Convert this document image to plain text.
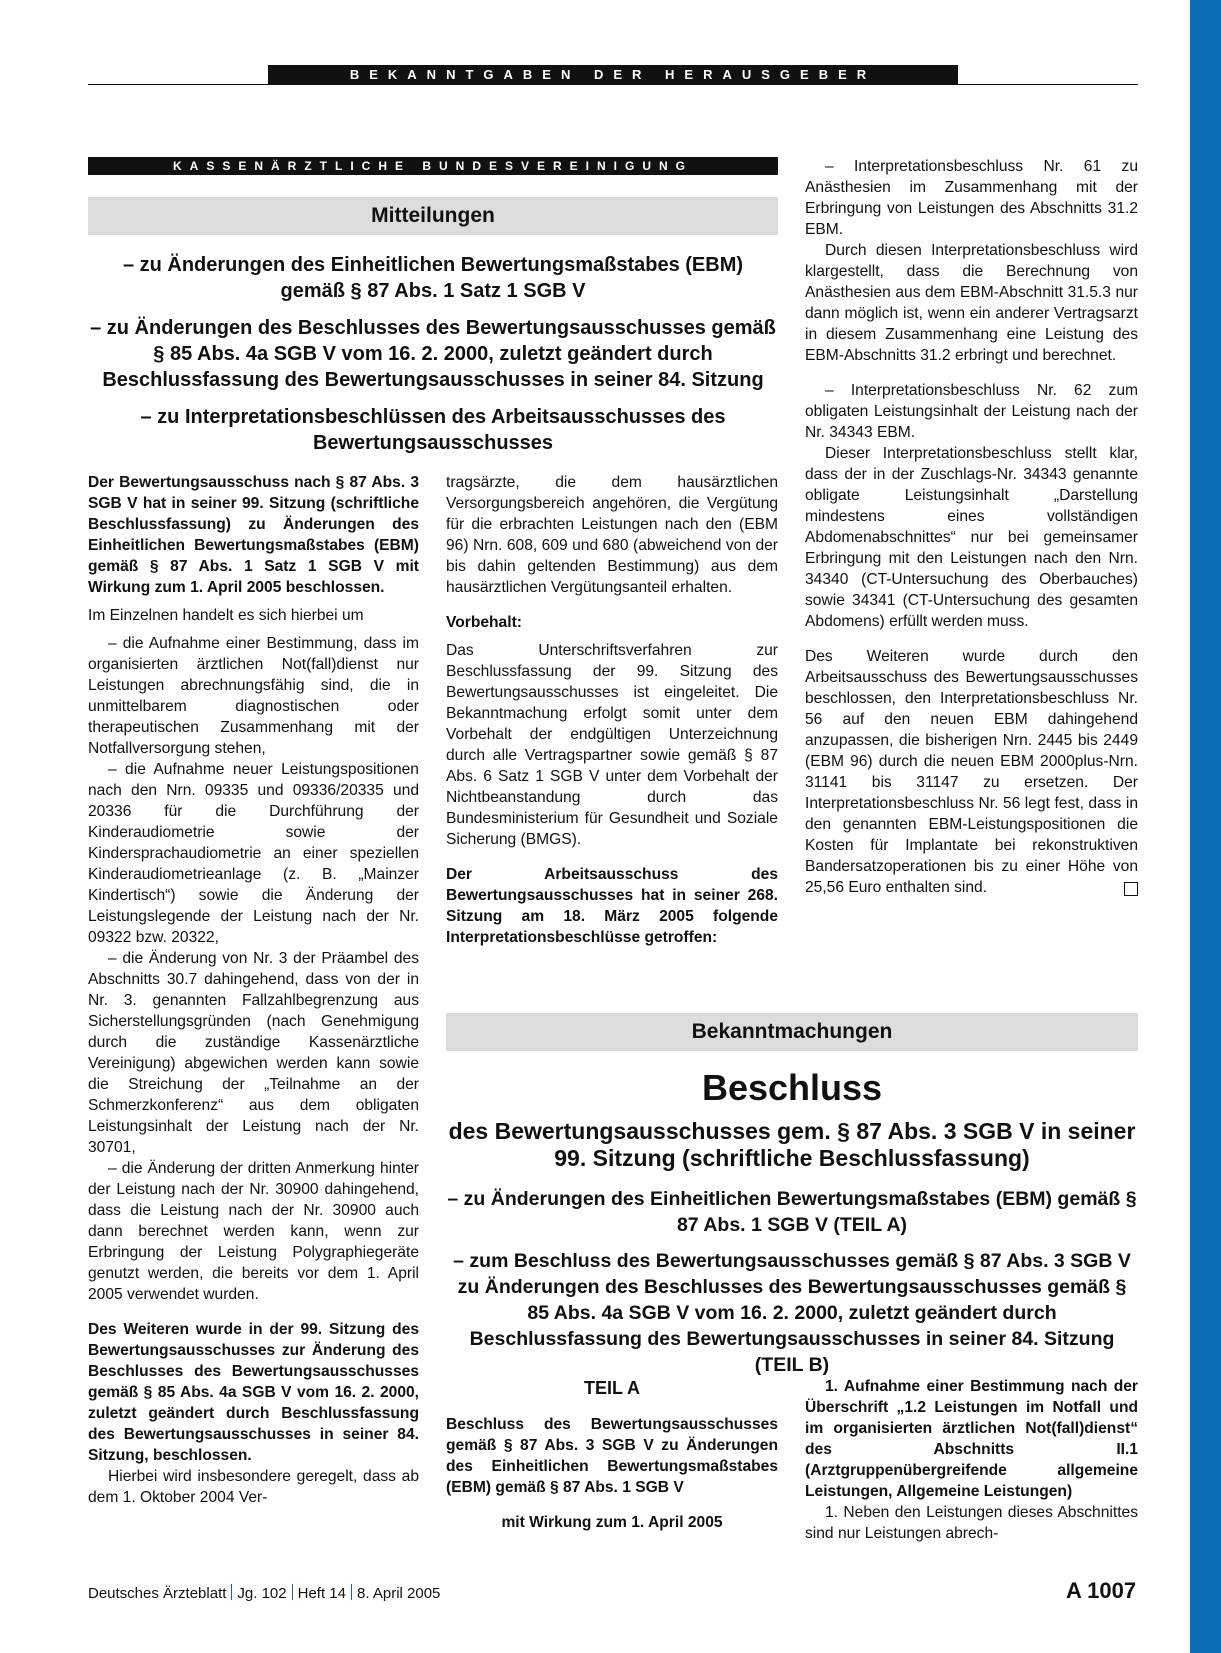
BEKANNTGABEN DER HERAUSGEBER
KASSENÄRZTLICHE BUNDESVEREINIGUNG
Mitteilungen
– zu Änderungen des Einheitlichen Bewertungsmaßstabes (EBM) gemäß § 87 Abs. 1 Satz 1 SGB V
– zu Änderungen des Beschlusses des Bewertungsausschusses gemäß § 85 Abs. 4a SGB V vom 16. 2. 2000, zuletzt geändert durch Beschlussfassung des Bewertungsausschusses in seiner 84. Sitzung
– zu Interpretationsbeschlüssen des Arbeitsausschusses des Bewertungsausschusses

Der Bewertungsausschuss nach § 87 Abs. 3 SGB V hat in seiner 99. Sitzung (schriftliche Beschlussfassung) zu Änderungen des Einheitlichen Bewertungsmaßstabes (EBM) gemäß § 87 Abs. 1 Satz 1 SGB V mit Wirkung zum 1. April 2005 beschlossen.

Im Einzelnen handelt es sich hierbei um

– die Aufnahme einer Bestimmung, dass im organisierten ärztlichen Not(fall)dienst nur Leistungen abrechnungsfähig sind, die in unmittelbarem diagnostischen oder therapeutischen Zusammenhang mit der Notfallversorgung stehen,

– die Aufnahme neuer Leistungspositionen nach den Nrn. 09335 und 09336/20335 und 20336 für die Durchführung der Kinderaudiometrie sowie der Kindersprachaudiometrie an einer speziellen Kinderaudiometrieanlage (z. B. „Mainzer Kindertisch“) sowie die Änderung der Leistungslegende der Leistung nach der Nr. 09322 bzw. 20322,

– die Änderung von Nr. 3 der Präambel des Abschnitts 30.7 dahingehend, dass von der in Nr. 3. genannten Fallzahlbegrenzung aus Sicherstellungsgründen (nach Genehmigung durch die zuständige Kassenärztliche Vereinigung) abgewichen werden kann sowie die Streichung der „Teilnahme an der Schmerzkonferenz“ aus dem obligaten Leistungsinhalt der Leistung nach der Nr. 30701,

– die Änderung der dritten Anmerkung hinter der Leistung nach der Nr. 30900 dahingehend, dass die Leistung nach der Nr. 30900 auch dann berechnet werden kann, wenn zur Erbringung der Leistung Polygraphiegeräte genutzt werden, die bereits vor dem 1. April 2005 verwendet wurden.

Des Weiteren wurde in der 99. Sitzung des Bewertungsausschusses zur Änderung des Beschlusses des Bewertungsausschusses gemäß § 85 Abs. 4a SGB V vom 16. 2. 2000, zuletzt geändert durch Beschlussfassung des Bewertungsausschusses in seiner 84. Sitzung, beschlossen.

Hierbei wird insbesondere geregelt, dass ab dem 1. Oktober 2004 Ver-

tragsärzte, die dem hausärztlichen Versorgungsbereich angehören, die Vergütung für die erbrachten Leistungen nach den (EBM 96) Nrn. 608, 609 und 680 (abweichend von der bis dahin geltenden Bestimmung) aus dem hausärztlichen Vergütungsanteil erhalten.

Vorbehalt:

Das Unterschriftsverfahren zur Beschlussfassung der 99. Sitzung des Bewertungsausschusses ist eingeleitet. Die Bekanntmachung erfolgt somit unter dem Vorbehalt der endgültigen Unterzeichnung durch alle Vertragspartner sowie gemäß § 87 Abs. 6 Satz 1 SGB V unter dem Vorbehalt der Nichtbeanstandung durch das Bundesministerium für Gesundheit und Soziale Sicherung (BMGS).

Der Arbeitsausschuss des Bewertungsausschusses hat in seiner 268. Sitzung am 18. März 2005 folgende Interpretationsbeschlüsse getroffen:

– Interpretationsbeschluss Nr. 61 zu Anästhesien im Zusammenhang mit der Erbringung von Leistungen des Abschnitts 31.2 EBM.

Durch diesen Interpretationsbeschluss wird klargestellt, dass die Berechnung von Anästhesien aus dem EBM-Abschnitt 31.5.3 nur dann möglich ist, wenn ein anderer Vertragsarzt in diesem Zusammenhang eine Leistung des EBM-Abschnitts 31.2 erbringt und berechnet.

– Interpretationsbeschluss Nr. 62 zum obligaten Leistungsinhalt der Leistung nach der Nr. 34343 EBM.

Dieser Interpretationsbeschluss stellt klar, dass der in der Zuschlags-Nr. 34343 genannte obligate Leistungsinhalt „Darstellung mindestens eines vollständigen Abdomenabschnittes“ nur bei gemeinsamer Erbringung mit den Leistungen nach den Nrn. 34340 (CT-Untersuchung des Oberbauches) sowie 34341 (CT-Untersuchung des gesamten Abdomens) erfüllt werden muss.

Des Weiteren wurde durch den Arbeitsausschuss des Bewertungsausschusses beschlossen, den Interpretationsbeschluss Nr. 56 auf den neuen EBM dahingehend anzupassen, die bisherigen Nrn. 2445 bis 2449 (EBM 96) durch die neuen EBM 2000plus-Nrn. 31141 bis 31147 zu ersetzen. Der Interpretationsbeschluss Nr. 56 legt fest, dass in den genannten EBM-Leistungspositionen die Kosten für Implantate bei rekonstruktiven Bandersatzoperationen bis zu einer Höhe von 25,56 Euro enthalten sind.

Bekanntmachungen
Beschluss
des Bewertungsausschusses gem. § 87 Abs. 3 SGB V in seiner 99. Sitzung (schriftliche Beschlussfassung)
– zu Änderungen des Einheitlichen Bewertungsmaßstabes (EBM) gemäß § 87 Abs. 1 SGB V (TEIL A)
– zum Beschluss des Bewertungsausschusses gemäß § 87 Abs. 3 SGB V zu Änderungen des Beschlusses des Bewertungsausschusses gemäß § 85 Abs. 4a SGB V vom 16. 2. 2000, zuletzt geändert durch Beschlussfassung des Bewertungsausschusses in seiner 84. Sitzung (TEIL B)

TEIL A

Beschluss des Bewertungsausschusses gemäß § 87 Abs. 3 SGB V zu Änderungen des Einheitlichen Bewertungsmaßstabes (EBM) gemäß § 87 Abs. 1 SGB V

mit Wirkung zum 1. April 2005

1. Aufnahme einer Bestimmung nach der Überschrift „1.2 Leistungen im Notfall und im organisierten ärztlichen Not(fall)dienst“ des Abschnitts II.1 (Arztgruppenübergreifende allgemeine Leistungen, Allgemeine Leistungen)

1. Neben den Leistungen dieses Abschnittes sind nur Leistungen abrech-

Deutsches Ärzteblatt Jg. 102 Heft 14 8. April 2005	A 1007
